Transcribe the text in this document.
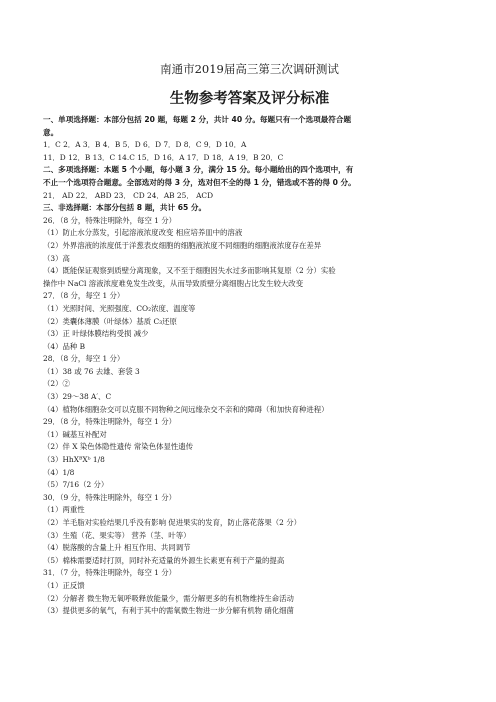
南通市2019届高三第三次调研测试
生物参考答案及评分标准
一、单项选择题：本部分包括 20 题，每题 2 分，共计 40 分。每题只有一个选项最符合题
意。
1．C 2．A 3．B 4．B 5．D 6．D 7．D 8．C 9．D 10．A
11．D 12．B 13．C 14.C 15．D 16．A 17．D 18．A 19．B 20．C
二、多项选择题：本题 5 个小题，每小题 3 分，满分 15 分。每小题给出的四个选项中，有
不止一个选项符合题意。全部选对的得 3 分，选对但不全的得 1 分，错选或不答的得 0 分。
21． AD 22． ABD 23． CD 24．AB 25． ACD
三、非选择题：本部分包括 8 题，共计 65 分。
26．（8 分，特殊注明除外，每空 1 分）
（1）防止水分蒸发，引起溶液浓度改变 相应培养皿中的溶液
（2）外界溶液的浓度低于洋葱表皮细胞的细胞液浓度不同细胞的细胞液浓度存在差异
（3）高
（4）既能保证观察到质壁分离现象，又不至于细胞因失水过多而影响其复原（2 分）实验
操作中 NaCl 溶液浓度难免发生改变，从而导致质壁分离细胞占比发生较大改变
27．（8 分，每空 1 分）
（1）光照时间、光照强度、CO₂浓度、温度等
（2）类囊体薄膜（叶绿体）基质 C₃还原
（3）正 叶绿体膜结构受损 减少
（4）品种 B
28．（8 分，每空 1 分）
（1）38 或 76 去雄、套袋 3
（2）②
（3）29～38 A′、C
（4）植物体细胞杂交可以克服不同物种之间远缘杂交不亲和的障碍（和加快育种进程）
29．（8 分，特殊注明除外，每空 1 分）
（1）碱基互补配对
（2）伴 X 染色体隐性遗传 常染色体显性遗传
（3）HhXᴮXᵇ 1/8
（4）1/8
（5）7/16（2 分）
30．（9 分，特殊注明除外，每空 1 分）
（1）两重性
（2）羊毛脂对实验结果几乎没有影响 促进果实的发育，防止落花落果（2 分）
（3）生殖（花、果实等） 营养（茎、叶等）
（4）脱落酸的含量上升 相互作用、共同调节
（5）棉株需要适时打顶，同时补充适量的外源生长素更有利于产量的提高
31．（7 分，特殊注明除外，每空 1 分）
（1）正反馈
（2）分解者 微生物无氧呼吸释放能量少，需分解更多的有机物维持生命活动
（3）提供更多的氧气，有利于其中的需氧微生物进一步分解有机物 硝化细菌
